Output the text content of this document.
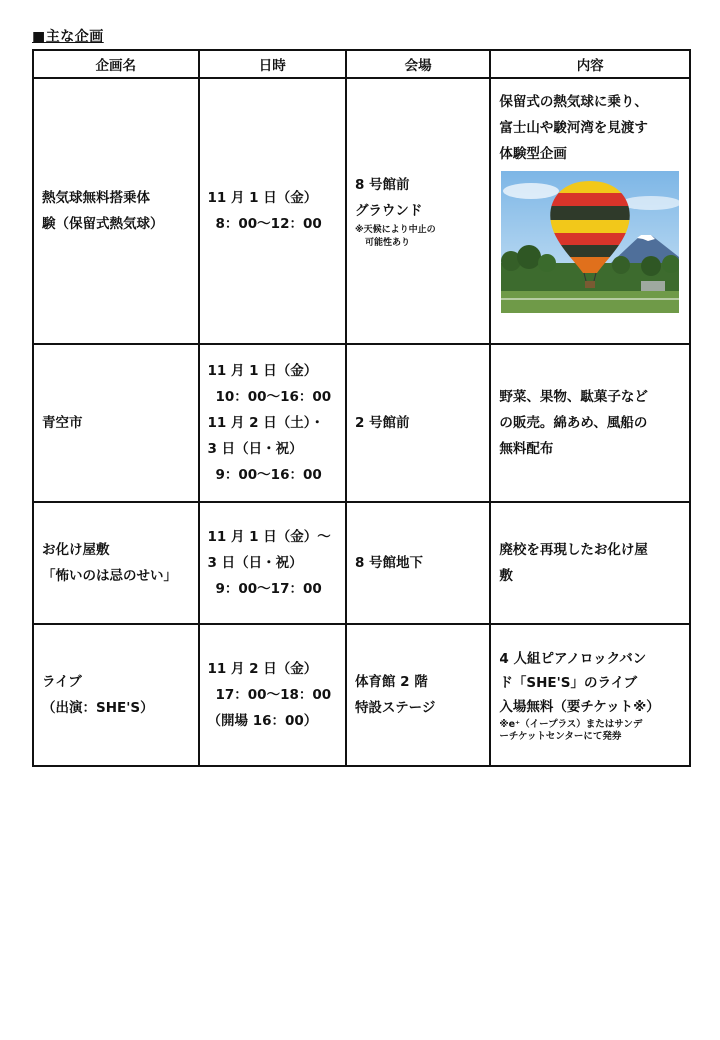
■主な企画
企画名	日時	会場	内容

熱気球無料搭乗体
験（保留式熱気球）	11 月 1 日（金）
8：00～12：00	8 号館前
グラウンド
※天候により中止の
可能性あり	保留式の熱気球に乗り、
富士山や駿河湾を見渡す
体験型企画

青空市	11 月 1 日（金）
10：00～16：00
11 月 2 日（土）・
3 日（日・祝）
9：00～16：00	2 号館前	野菜、果物、駄菓子など
の販売。綿あめ、風船の
無料配布

お化け屋敷
「怖いのは忌のせい」	11 月 1 日（金）～
3 日（日・祝）
9：00～17：00	8 号館地下	廃校を再現したお化け屋
敷

ライブ
（出演：SHE'S）	11 月 2 日（金）
17：00～18：00
（開場 16：00）	体育館 2 階
特設ステージ	4 人組ピアノロックバン
ド「SHE'S」のライブ
入場無料（要チケット※）
※e⁺（イープラス）またはサンデ
ーチケットセンターにて発券
